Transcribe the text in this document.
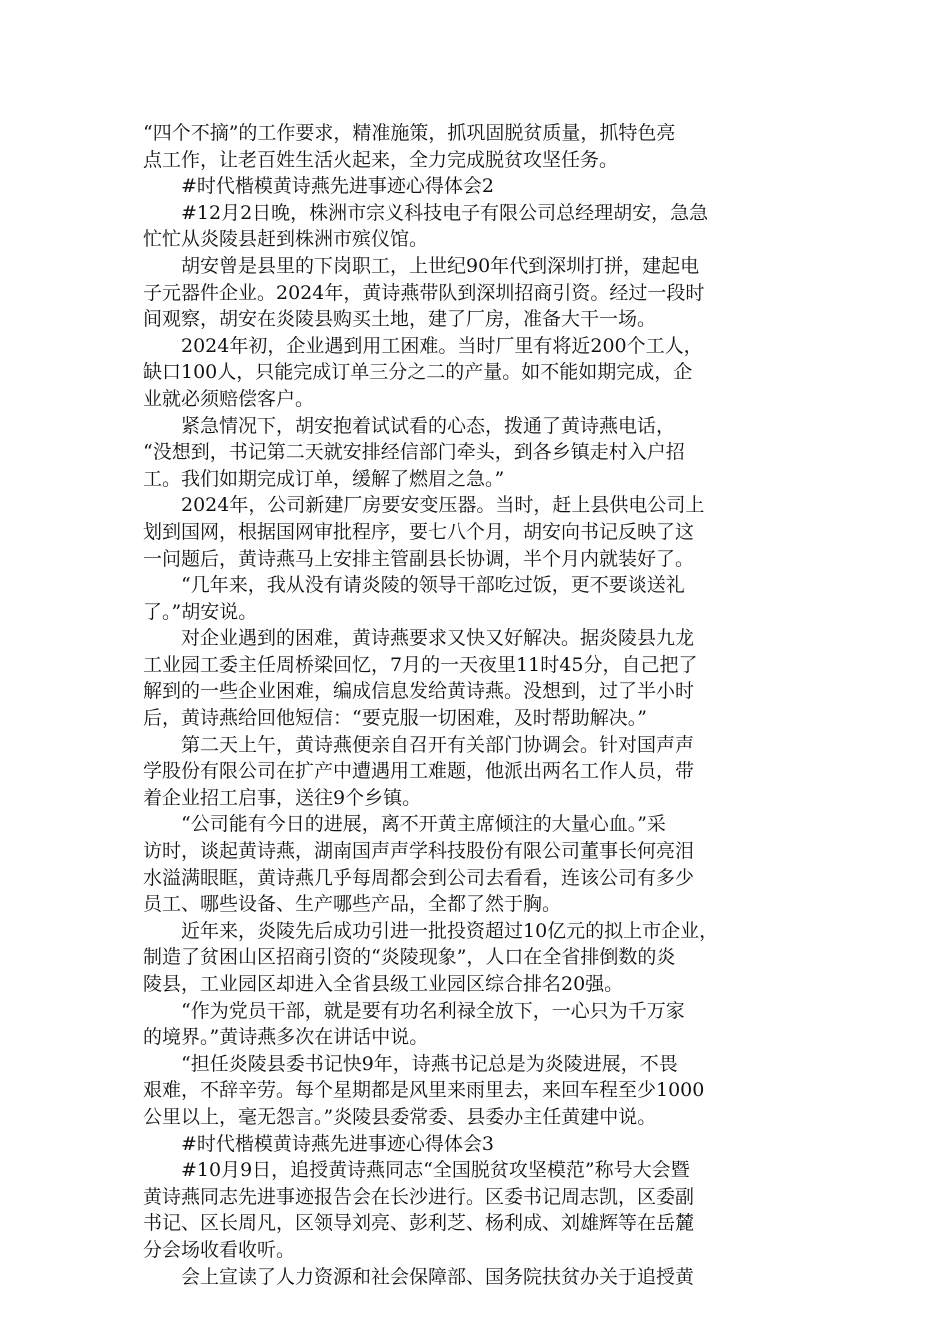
“四个不摘”的工作要求，精准施策，抓巩固脱贫质量，抓特色亮
点工作，让老百姓生活火起来，全力完成脱贫攻坚任务。
#时代楷模黄诗燕先进事迹心得体会2
#12月2日晚，株洲市宗义科技电子有限公司总经理胡安，急急
忙忙从炎陵县赶到株洲市殡仪馆。
胡安曾是县里的下岗职工，上世纪90年代到深圳打拼，建起电
子元器件企业。2024年，黄诗燕带队到深圳招商引资。经过一段时
间观察，胡安在炎陵县购买土地，建了厂房，准备大干一场。
2024年初，企业遇到用工困难。当时厂里有将近200个工人，
缺口100人，只能完成订单三分之二的产量。如不能如期完成，企
业就必须赔偿客户。
紧急情况下，胡安抱着试试看的心态，拨通了黄诗燕电话，
“没想到，书记第二天就安排经信部门牵头，到各乡镇走村入户招
工。我们如期完成订单，缓解了燃眉之急。”
2024年，公司新建厂房要安变压器。当时，赶上县供电公司上
划到国网，根据国网审批程序，要七八个月，胡安向书记反映了这
一问题后，黄诗燕马上安排主管副县长协调，半个月内就装好了。
“几年来，我从没有请炎陵的领导干部吃过饭，更不要谈送礼
了。”胡安说。
对企业遇到的困难，黄诗燕要求又快又好解决。据炎陵县九龙
工业园工委主任周桥梁回忆，7月的一天夜里11时45分，自己把了
解到的一些企业困难，编成信息发给黄诗燕。没想到，过了半小时
后，黄诗燕给回他短信：“要克服一切困难，及时帮助解决。”
第二天上午，黄诗燕便亲自召开有关部门协调会。针对国声声
学股份有限公司在扩产中遭遇用工难题，他派出两名工作人员，带
着企业招工启事，送往9个乡镇。
“公司能有今日的进展，离不开黄主席倾注的大量心血。”采
访时，谈起黄诗燕，湖南国声声学科技股份有限公司董事长何亮泪
水溢满眼眶，黄诗燕几乎每周都会到公司去看看，连该公司有多少
员工、哪些设备、生产哪些产品，全都了然于胸。
近年来，炎陵先后成功引进一批投资超过10亿元的拟上市企业，
制造了贫困山区招商引资的“炎陵现象”，人口在全省排倒数的炎
陵县，工业园区却进入全省县级工业园区综合排名20强。
“作为党员干部，就是要有功名利禄全放下，一心只为千万家
的境界。”黄诗燕多次在讲话中说。
“担任炎陵县委书记快9年，诗燕书记总是为炎陵进展，不畏
艰难，不辞辛劳。每个星期都是风里来雨里去，来回车程至少1000
公里以上，毫无怨言。”炎陵县委常委、县委办主任黄建中说。
#时代楷模黄诗燕先进事迹心得体会3
#10月9日，追授黄诗燕同志“全国脱贫攻坚模范”称号大会暨
黄诗燕同志先进事迹报告会在长沙进行。区委书记周志凯，区委副
书记、区长周凡，区领导刘亮、彭利芝、杨利成、刘雄辉等在岳麓
分会场收看收听。
会上宣读了人力资源和社会保障部、国务院扶贫办关于追授黄
